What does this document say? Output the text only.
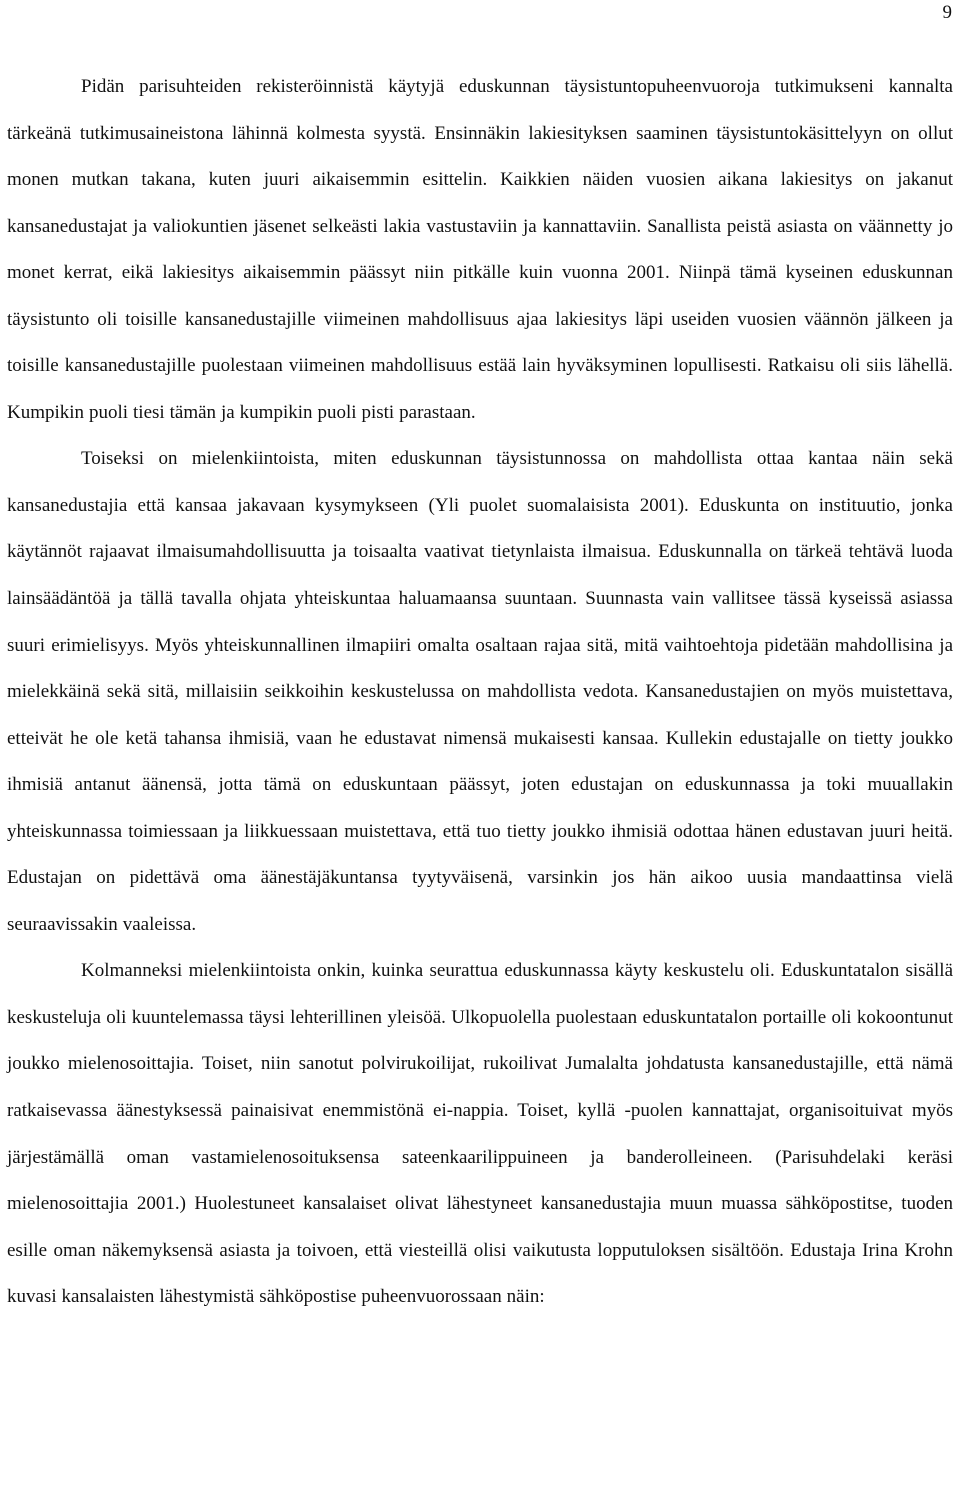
9

Pidän parisuhteiden rekisteröinnistä käytyjä eduskunnan täysistuntopuheenvuoroja tutkimukseni kannalta tärkeänä tutkimusaineistona lähinnä kolmesta syystä. Ensinnäkin lakiesityksen saaminen täysistuntokäsittelyyn on ollut monen mutkan takana, kuten juuri aikaisemmin esittelin. Kaikkien näiden vuosien aikana lakiesitys on jakanut kansanedustajat ja valiokuntien jäsenet selkeästi lakia vastustaviin ja kannattaviin. Sanallista peistä asiasta on väännetty jo monet kerrat, eikä lakiesitys aikaisemmin päässyt niin pitkälle kuin vuonna 2001. Niinpä tämä kyseinen eduskunnan täysistunto oli toisille kansanedustajille viimeinen mahdollisuus ajaa lakiesitys läpi useiden vuosien väännön jälkeen ja toisille kansanedustajille puolestaan viimeinen mahdollisuus estää lain hyväksyminen lopullisesti. Ratkaisu oli siis lähellä. Kumpikin puoli tiesi tämän ja kumpikin puoli pisti parastaan.

Toiseksi on mielenkiintoista, miten eduskunnan täysistunnossa on mahdollista ottaa kantaa näin sekä kansanedustajia että kansaa jakavaan kysymykseen (Yli puolet suomalaisista 2001). Eduskunta on instituutio, jonka käytännöt rajaavat ilmaisumahdollisuutta ja toisaalta vaativat tietynlaista ilmaisua. Eduskunnalla on tärkeä tehtävä luoda lainsäädäntöä ja tällä tavalla ohjata yhteiskuntaa haluamaansa suuntaan. Suunnasta vain vallitsee tässä kyseissä asiassa suuri erimielisyys. Myös yhteiskunnallinen ilmapiiri omalta osaltaan rajaa sitä, mitä vaihtoehtoja pidetään mahdollisina ja mielekkäinä sekä sitä, millaisiin seikkoihin keskustelussa on mahdollista vedota. Kansanedustajien on myös muistettava, etteivät he ole ketä tahansa ihmisiä, vaan he edustavat nimensä mukaisesti kansaa. Kullekin edustajalle on tietty joukko ihmisiä antanut äänensä, jotta tämä on eduskuntaan päässyt, joten edustajan on eduskunnassa ja toki muuallakin yhteiskunnassa toimiessaan ja liikkuessaan muistettava, että tuo tietty joukko ihmisiä odottaa hänen edustavan juuri heitä. Edustajan on pidettävä oma äänestäjäkuntansa tyytyväisenä, varsinkin jos hän aikoo uusia mandaattinsa vielä seuraavissakin vaaleissa.

Kolmanneksi mielenkiintoista onkin, kuinka seurattua eduskunnassa käyty keskustelu oli. Eduskuntatalon sisällä keskusteluja oli kuuntelemassa täysi lehterillinen yleisöä. Ulkopuolella puolestaan eduskuntatalon portaille oli kokoontunut joukko mielenosoittajia. Toiset, niin sanotut polvirukoilijat, rukoilivat Jumalalta johdatusta kansanedustajille, että nämä ratkaisevassa äänestyksessä painaisivat enemmistönä ei-nappia. Toiset, kyllä -puolen kannattajat, organisoituivat myös järjestämällä oman vastamielenosoituksensa sateenkaarilippuineen ja banderolleineen. (Parisuhdelaki keräsi mielenosoittajia 2001.) Huolestuneet kansalaiset olivat lähestyneet kansanedustajia muun muassa sähköpostitse, tuoden esille oman näkemyksensä asiasta ja toivoen, että viesteillä olisi vaikutusta lopputuloksen sisältöön. Edustaja Irina Krohn kuvasi kansalaisten lähestymistä sähköpostise puheenvuorossaan näin:
